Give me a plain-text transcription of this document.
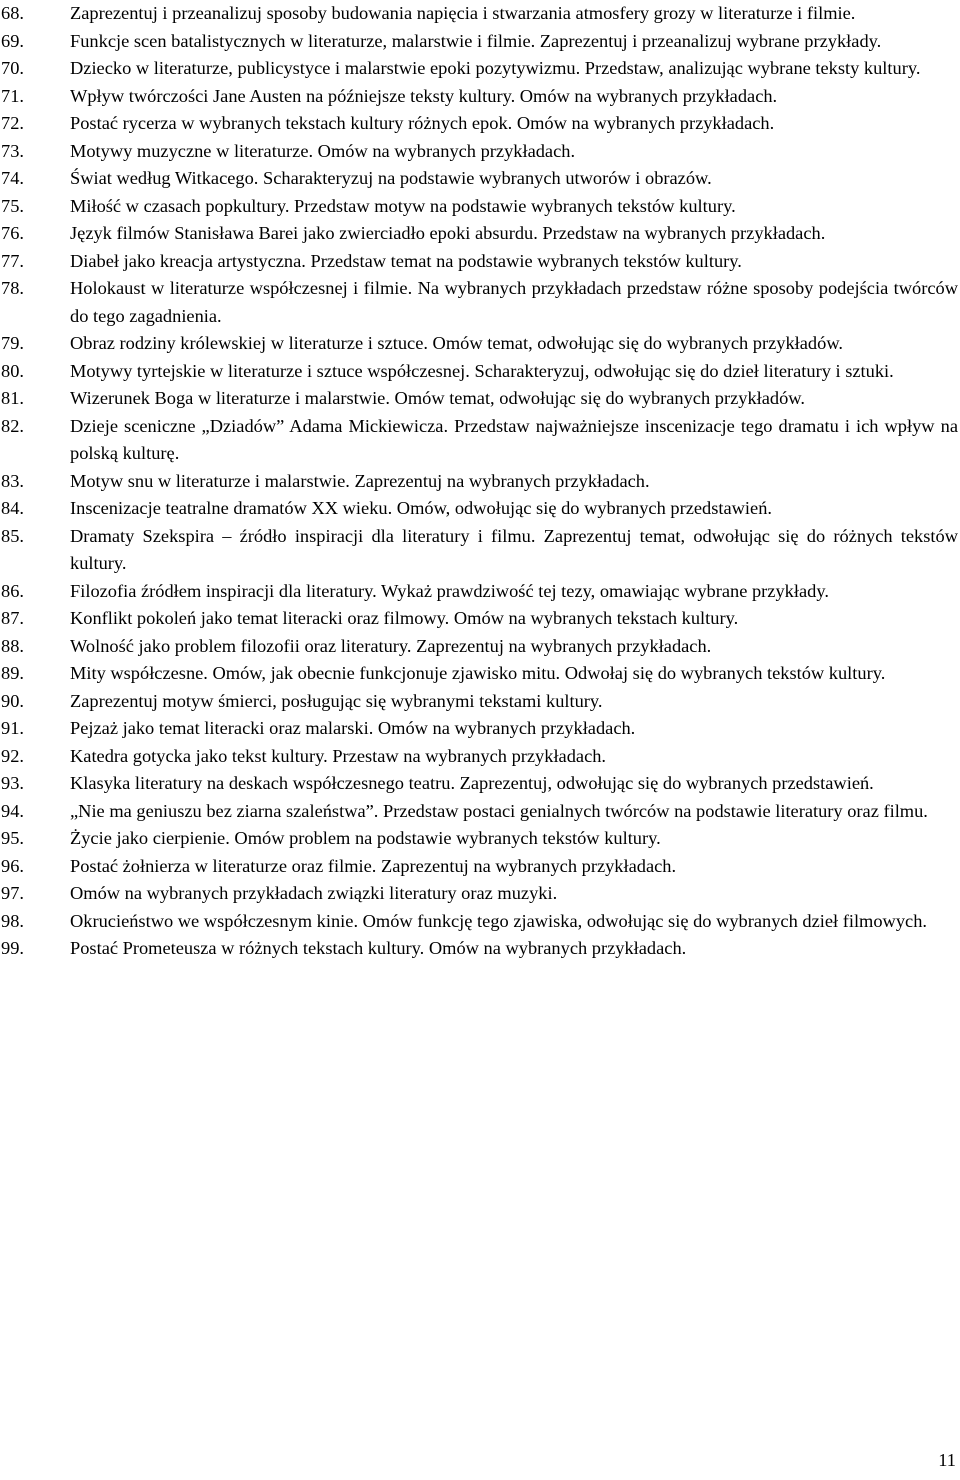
68.	Zaprezentuj i przeanalizuj sposoby budowania napięcia i stwarzania atmosfery grozy w literaturze i filmie.
69.	Funkcje scen batalistycznych w literaturze, malarstwie i filmie. Zaprezentuj i przeanalizuj wybrane przykłady.
70.	Dziecko w literaturze, publicystyce i malarstwie epoki pozytywizmu. Przedstaw, analizując wybrane teksty kultury.
71.	Wpływ twórczości Jane Austen na późniejsze teksty kultury. Omów na wybranych przykładach.
72.	Postać rycerza w wybranych tekstach kultury różnych epok. Omów na wybranych przykładach.
73.	Motywy muzyczne w literaturze. Omów na wybranych przykładach.
74.	Świat według Witkacego. Scharakteryzuj na podstawie wybranych utworów i obrazów.
75.	Miłość w czasach popkultury. Przedstaw motyw na podstawie wybranych tekstów kultury.
76.	Język filmów Stanisława Barei jako zwierciadło epoki absurdu. Przedstaw na wybranych przykładach.
77.	Diabeł jako kreacja artystyczna. Przedstaw temat na podstawie wybranych tekstów kultury.
78.	Holokaust w literaturze współczesnej i filmie. Na wybranych przykładach przedstaw różne sposoby podejścia twórców do tego zagadnienia.
79.	Obraz rodziny królewskiej w literaturze i sztuce. Omów temat, odwołując się do wybranych przykładów.
80.	Motywy tyrtejskie w literaturze i sztuce współczesnej. Scharakteryzuj, odwołując się do dzieł literatury i sztuki.
81.	Wizerunek Boga w literaturze i malarstwie. Omów temat, odwołując się do wybranych przykładów.
82.	Dzieje sceniczne „Dziadów” Adama Mickiewicza. Przedstaw najważniejsze inscenizacje tego dramatu i ich wpływ na polską kulturę.
83.	Motyw snu w literaturze i malarstwie. Zaprezentuj na wybranych przykładach.
84.	Inscenizacje teatralne dramatów XX wieku. Omów, odwołując się do wybranych przedstawień.
85.	Dramaty Szekspira – źródło inspiracji dla literatury i filmu. Zaprezentuj temat, odwołując się do różnych tekstów kultury.
86.	Filozofia źródłem inspiracji dla literatury. Wykaż prawdziwość tej tezy, omawiając wybrane przykłady.
87.	Konflikt pokoleń jako temat literacki oraz filmowy. Omów na wybranych tekstach kultury.
88.	Wolność jako problem filozofii oraz literatury. Zaprezentuj na wybranych przykładach.
89.	Mity współczesne. Omów, jak obecnie funkcjonuje zjawisko mitu. Odwołaj się do wybranych tekstów kultury.
90.	Zaprezentuj motyw śmierci, posługując się wybranymi tekstami kultury.
91.	Pejzaż jako temat literacki oraz malarski. Omów na wybranych przykładach.
92.	Katedra gotycka jako tekst kultury. Przestaw na wybranych przykładach.
93.	Klasyka literatury na deskach współczesnego teatru. Zaprezentuj, odwołując się do wybranych przedstawień.
94.	„Nie ma geniuszu bez ziarna szaleństwa”. Przedstaw postaci genialnych twórców na podstawie literatury oraz filmu.
95.	Życie jako cierpienie. Omów problem na podstawie wybranych tekstów kultury.
96.	Postać żołnierza w literaturze oraz filmie. Zaprezentuj na wybranych przykładach.
97.	Omów na wybranych przykładach związki literatury oraz muzyki.
98.	Okrucieństwo we współczesnym kinie. Omów funkcję tego zjawiska, odwołując się do wybranych dzieł filmowych.
99.	Postać Prometeusza w różnych tekstach kultury. Omów na wybranych przykładach.
11
